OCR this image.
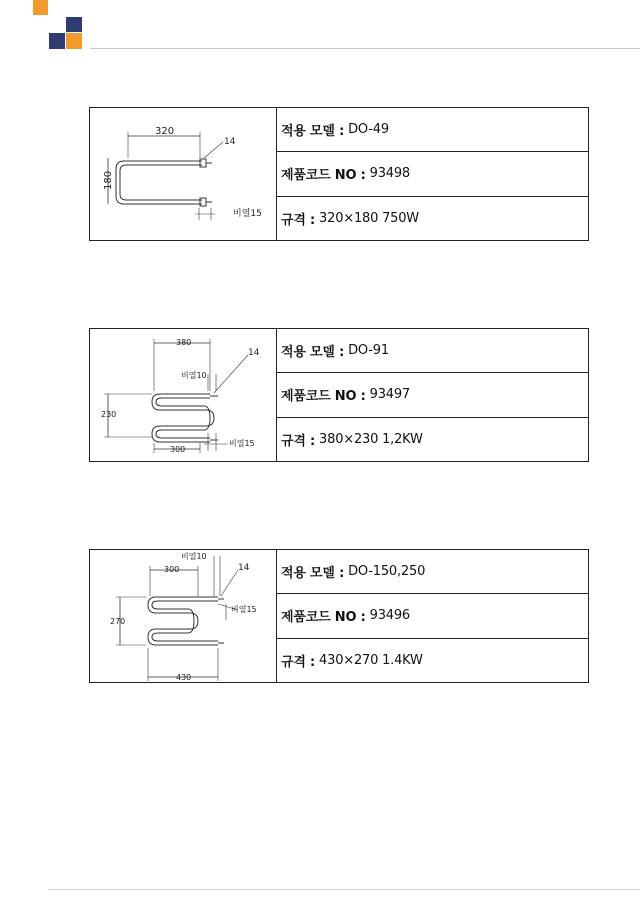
320
14
180
비열15
적용 모델 : DO-49
제품코드 NO : 93498
규격 : 320×180 750W
380
14
비열10
230
비열15
300
적용 모델 : DO-91
제품코드 NO : 93497
규격 : 380×230 1,2KW
비열10
300	14
비열15
270
430
적용 모델 : DO-150,250
제품코드 NO : 93496
규격 : 430×270 1.4KW
